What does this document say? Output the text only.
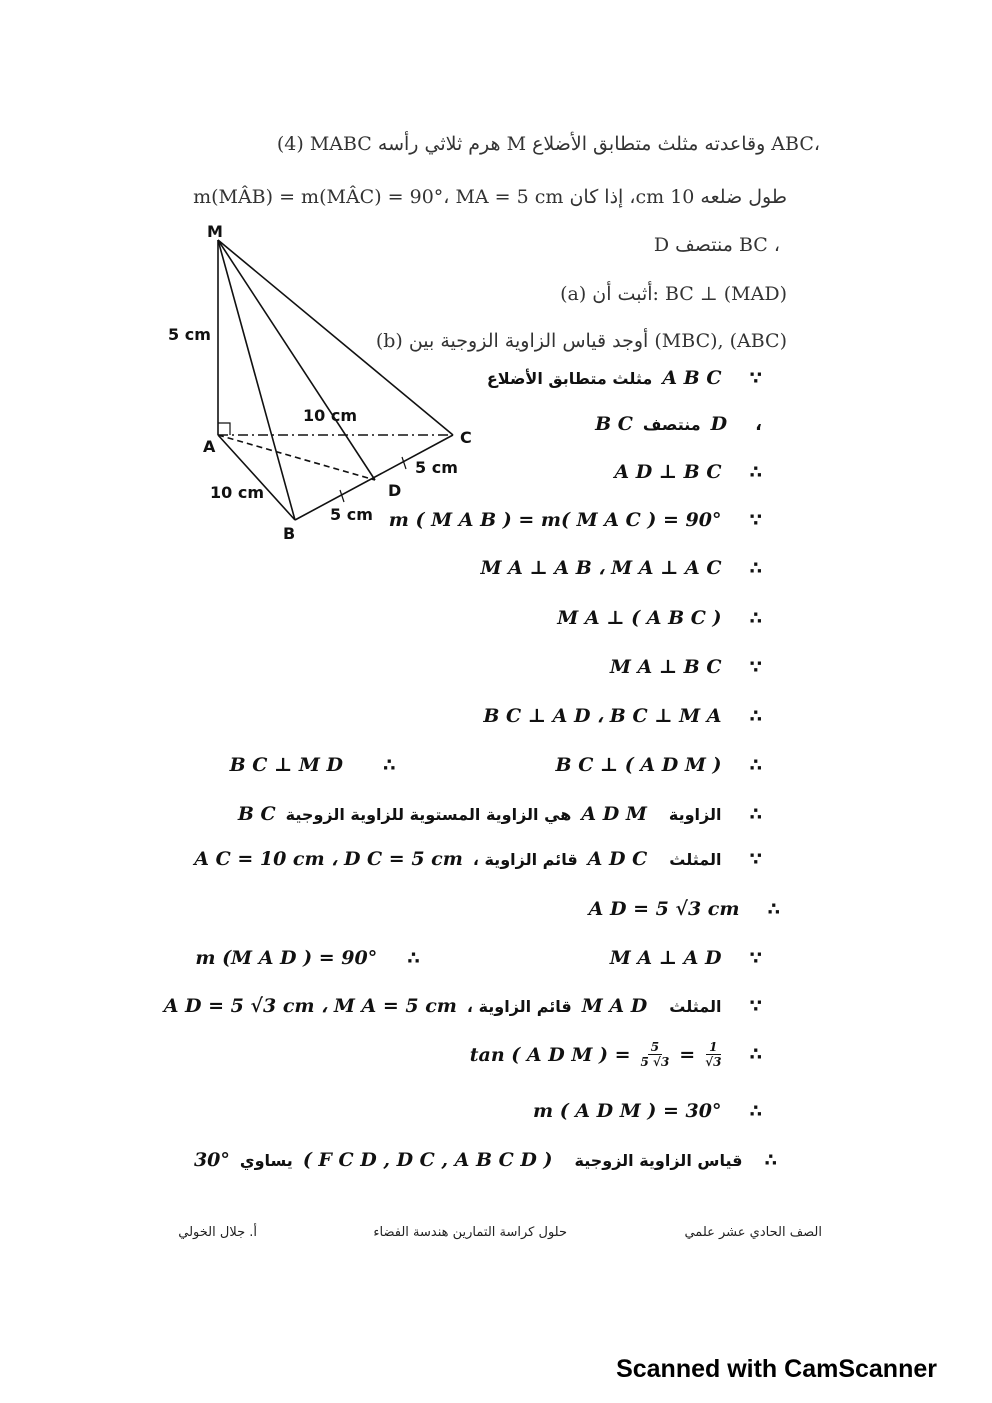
(4) MABC هرم ثلاثي رأسه M وقاعدته مثلث متطابق الأضلاع ABC،
طول ضلعه 10 cm، إذا كان m(MÂB) = m(MÂC) = 90°، MA = 5 cm
D منتصف BC ،
(a) أثبت أن: BC ⊥ (MAD)
(b) أوجد قياس الزاوية الزوجية بين (MBC), (ABC)
M
A
B
C
D
5 cm
10 cm
10 cm
5 cm
5 cm
مثلث متطابق الأضلاع A B C ∵
B C منتصف D ،
A D ⊥ B C ∴
m ( M A B ) = m( M A C ) = 90° ∵
M A ⊥ A B ، M A ⊥ A C ∴
M A ⊥ ( A B C ) ∴
M A ⊥ B C ∵
B C ⊥ A D ، B C ⊥ M A ∴
B C ⊥ M D ∴	B C ⊥ ( A D M ) ∴
B C هي الزاوية المستوية للزاوية الزوجية A D M الزاوية ∴
A C = 10 cm ، D C = 5 cm قائم الزاوية ، A D C المثلث ∵
A D = 5 √3 cm ∴
m (M A D ) = 90° ∴	M A ⊥ A D ∵
A D = 5 √3 cm ، M A = 5 cm قائم الزاوية ، M A D المثلث ∵
tan ( A D M ) = $\frac{5}{5 √3} = \frac{1}{√3}$ ∴
m ( A D M ) = 30° ∴
30° يساوي ( F C D , D C , A B C D ) قياس الزاوية الزوجية ∴
الصف الحادي عشر علمي
حلول كراسة التمارين هندسة الفضاء
أ. جلال الخولي
Scanned with CamScanner
